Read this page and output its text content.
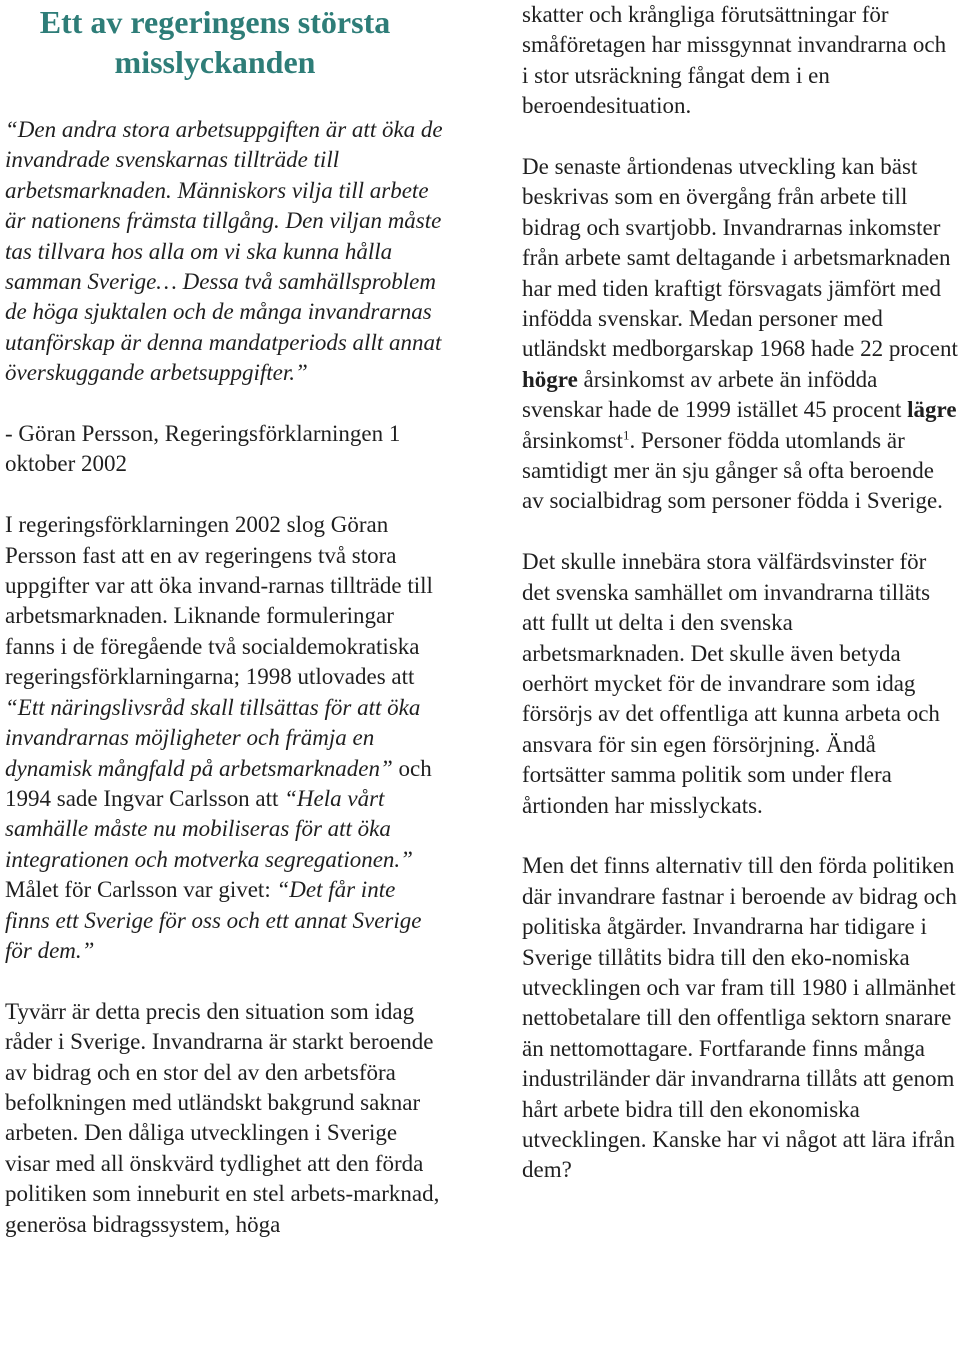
Ett av regeringens största misslyckanden

“Den andra stora arbetsuppgiften är att öka de invandrade svenskarnas tillträde till arbetsmarknaden. Människors vilja till arbete är nationens främsta tillgång. Den viljan måste tas tillvara hos alla om vi ska kunna hålla samman Sverige… Dessa två samhällsproblem de höga sjuktalen och de många invandrarnas utanförskap är denna mandatperiods allt annat överskuggande arbetsuppgifter.”

- Göran Persson, Regeringsförklarningen 1 oktober 2002

I regeringsförklarningen 2002 slog Göran Persson fast att en av regeringens två stora uppgifter var att öka invand-rarnas tillträde till arbetsmarknaden. Liknande formuleringar fanns i de föregående två socialdemokratiska regeringsförklarningarna; 1998 utlovades att “Ett näringslivsråd skall tillsättas för att öka invandrarnas möjligheter och främja en dynamisk mångfald på arbetsmarknaden” och 1994 sade Ingvar Carlsson att “Hela vårt samhälle måste nu mobiliseras för att öka integrationen och motverka segregationen.” Målet för Carlsson var givet: “Det får inte finns ett Sverige för oss och ett annat Sverige för dem.”

Tyvärr är detta precis den situation som idag råder i Sverige. Invandrarna är starkt beroende av bidrag och en stor del av den arbetsföra befolkningen med utländskt bakgrund saknar arbeten. Den dåliga utvecklingen i Sverige visar med all önskvärd tydlighet att den förda politiken som inneburit en stel arbets-marknad, generösa bidragssystem, höga

skatter och krångliga förutsättningar för småföretagen har missgynnat invandrarna och i stor utsräckning fångat dem i en beroendesituation.

De senaste årtiondenas utveckling kan bäst beskrivas som en övergång från arbete till bidrag och svartjobb. Invandrarnas inkomster från arbete samt deltagande i arbetsmarknaden har med tiden kraftigt försvagats jämfört med infödda svenskar. Medan personer med utländskt medborgarskap 1968 hade 22 procent högre årsinkomst av arbete än infödda svenskar hade de 1999 istället 45 procent lägre årsinkomst$^1$. Personer födda utomlands är samtidigt mer än sju gånger så ofta beroende av socialbidrag som personer födda i Sverige.

Det skulle innebära stora välfärdsvinster för det svenska samhället om invandrarna tilläts att fullt ut delta i den svenska arbetsmarknaden. Det skulle även betyda oerhört mycket för de invandrare som idag försörjs av det offentliga att kunna arbeta och ansvara för sin egen försörjning. Ändå fortsätter samma politik som under flera årtionden har misslyckats.

Men det finns alternativ till den förda politiken där invandrare fastnar i beroende av bidrag och politiska åtgärder. Invandrarna har tidigare i Sverige tillåtits bidra till den eko-nomiska utvecklingen och var fram till 1980 i allmänhet nettobetalare till den offentliga sektorn snarare än nettomottagare. Fortfarande finns många industriländer där invandrarna tillåts att genom hårt arbete bidra till den ekonomiska utvecklingen. Kanske har vi något att lära ifrån dem?
